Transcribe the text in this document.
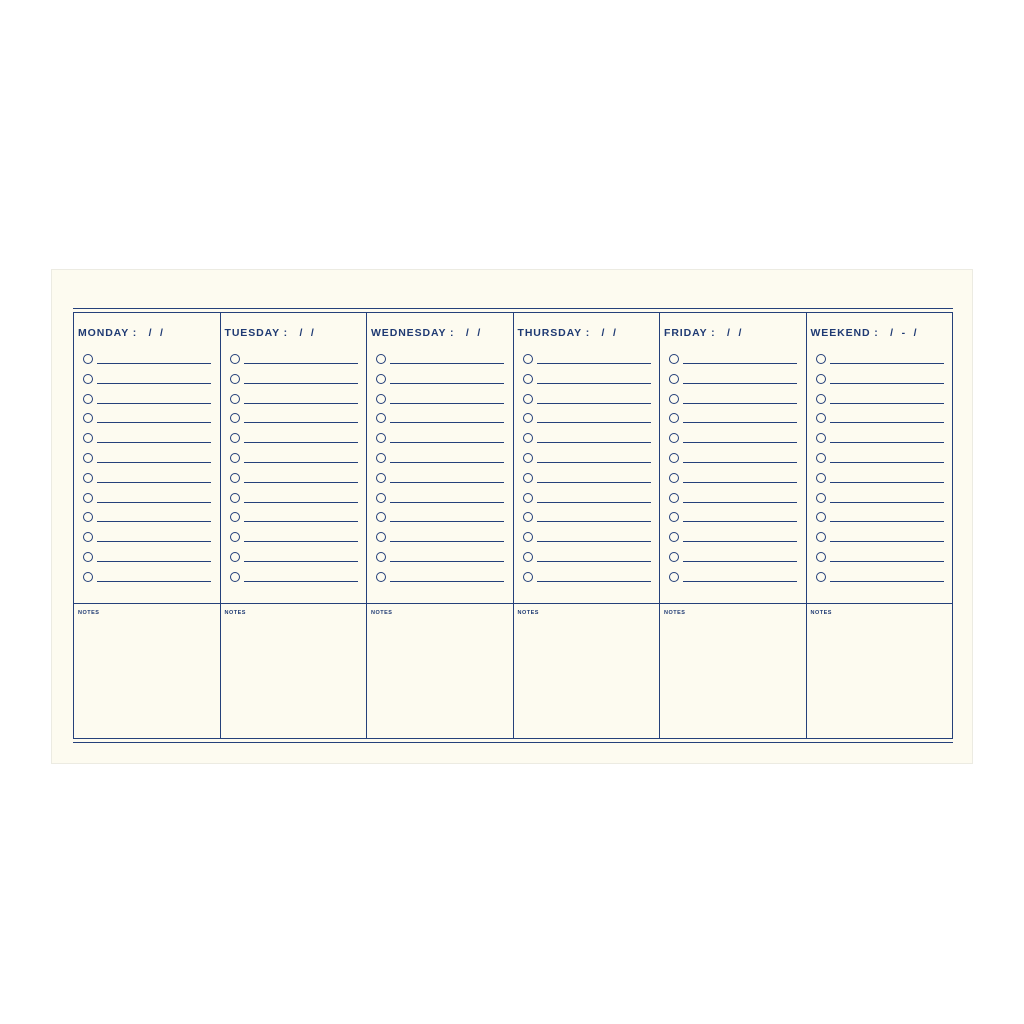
MONDAY :   /  /
NOTES
TUESDAY :   /  /
NOTES
WEDNESDAY :   /  /
NOTES
THURSDAY :   /  /
NOTES
FRIDAY :   /  /
NOTES
WEEKEND :   /  -  /
NOTES
